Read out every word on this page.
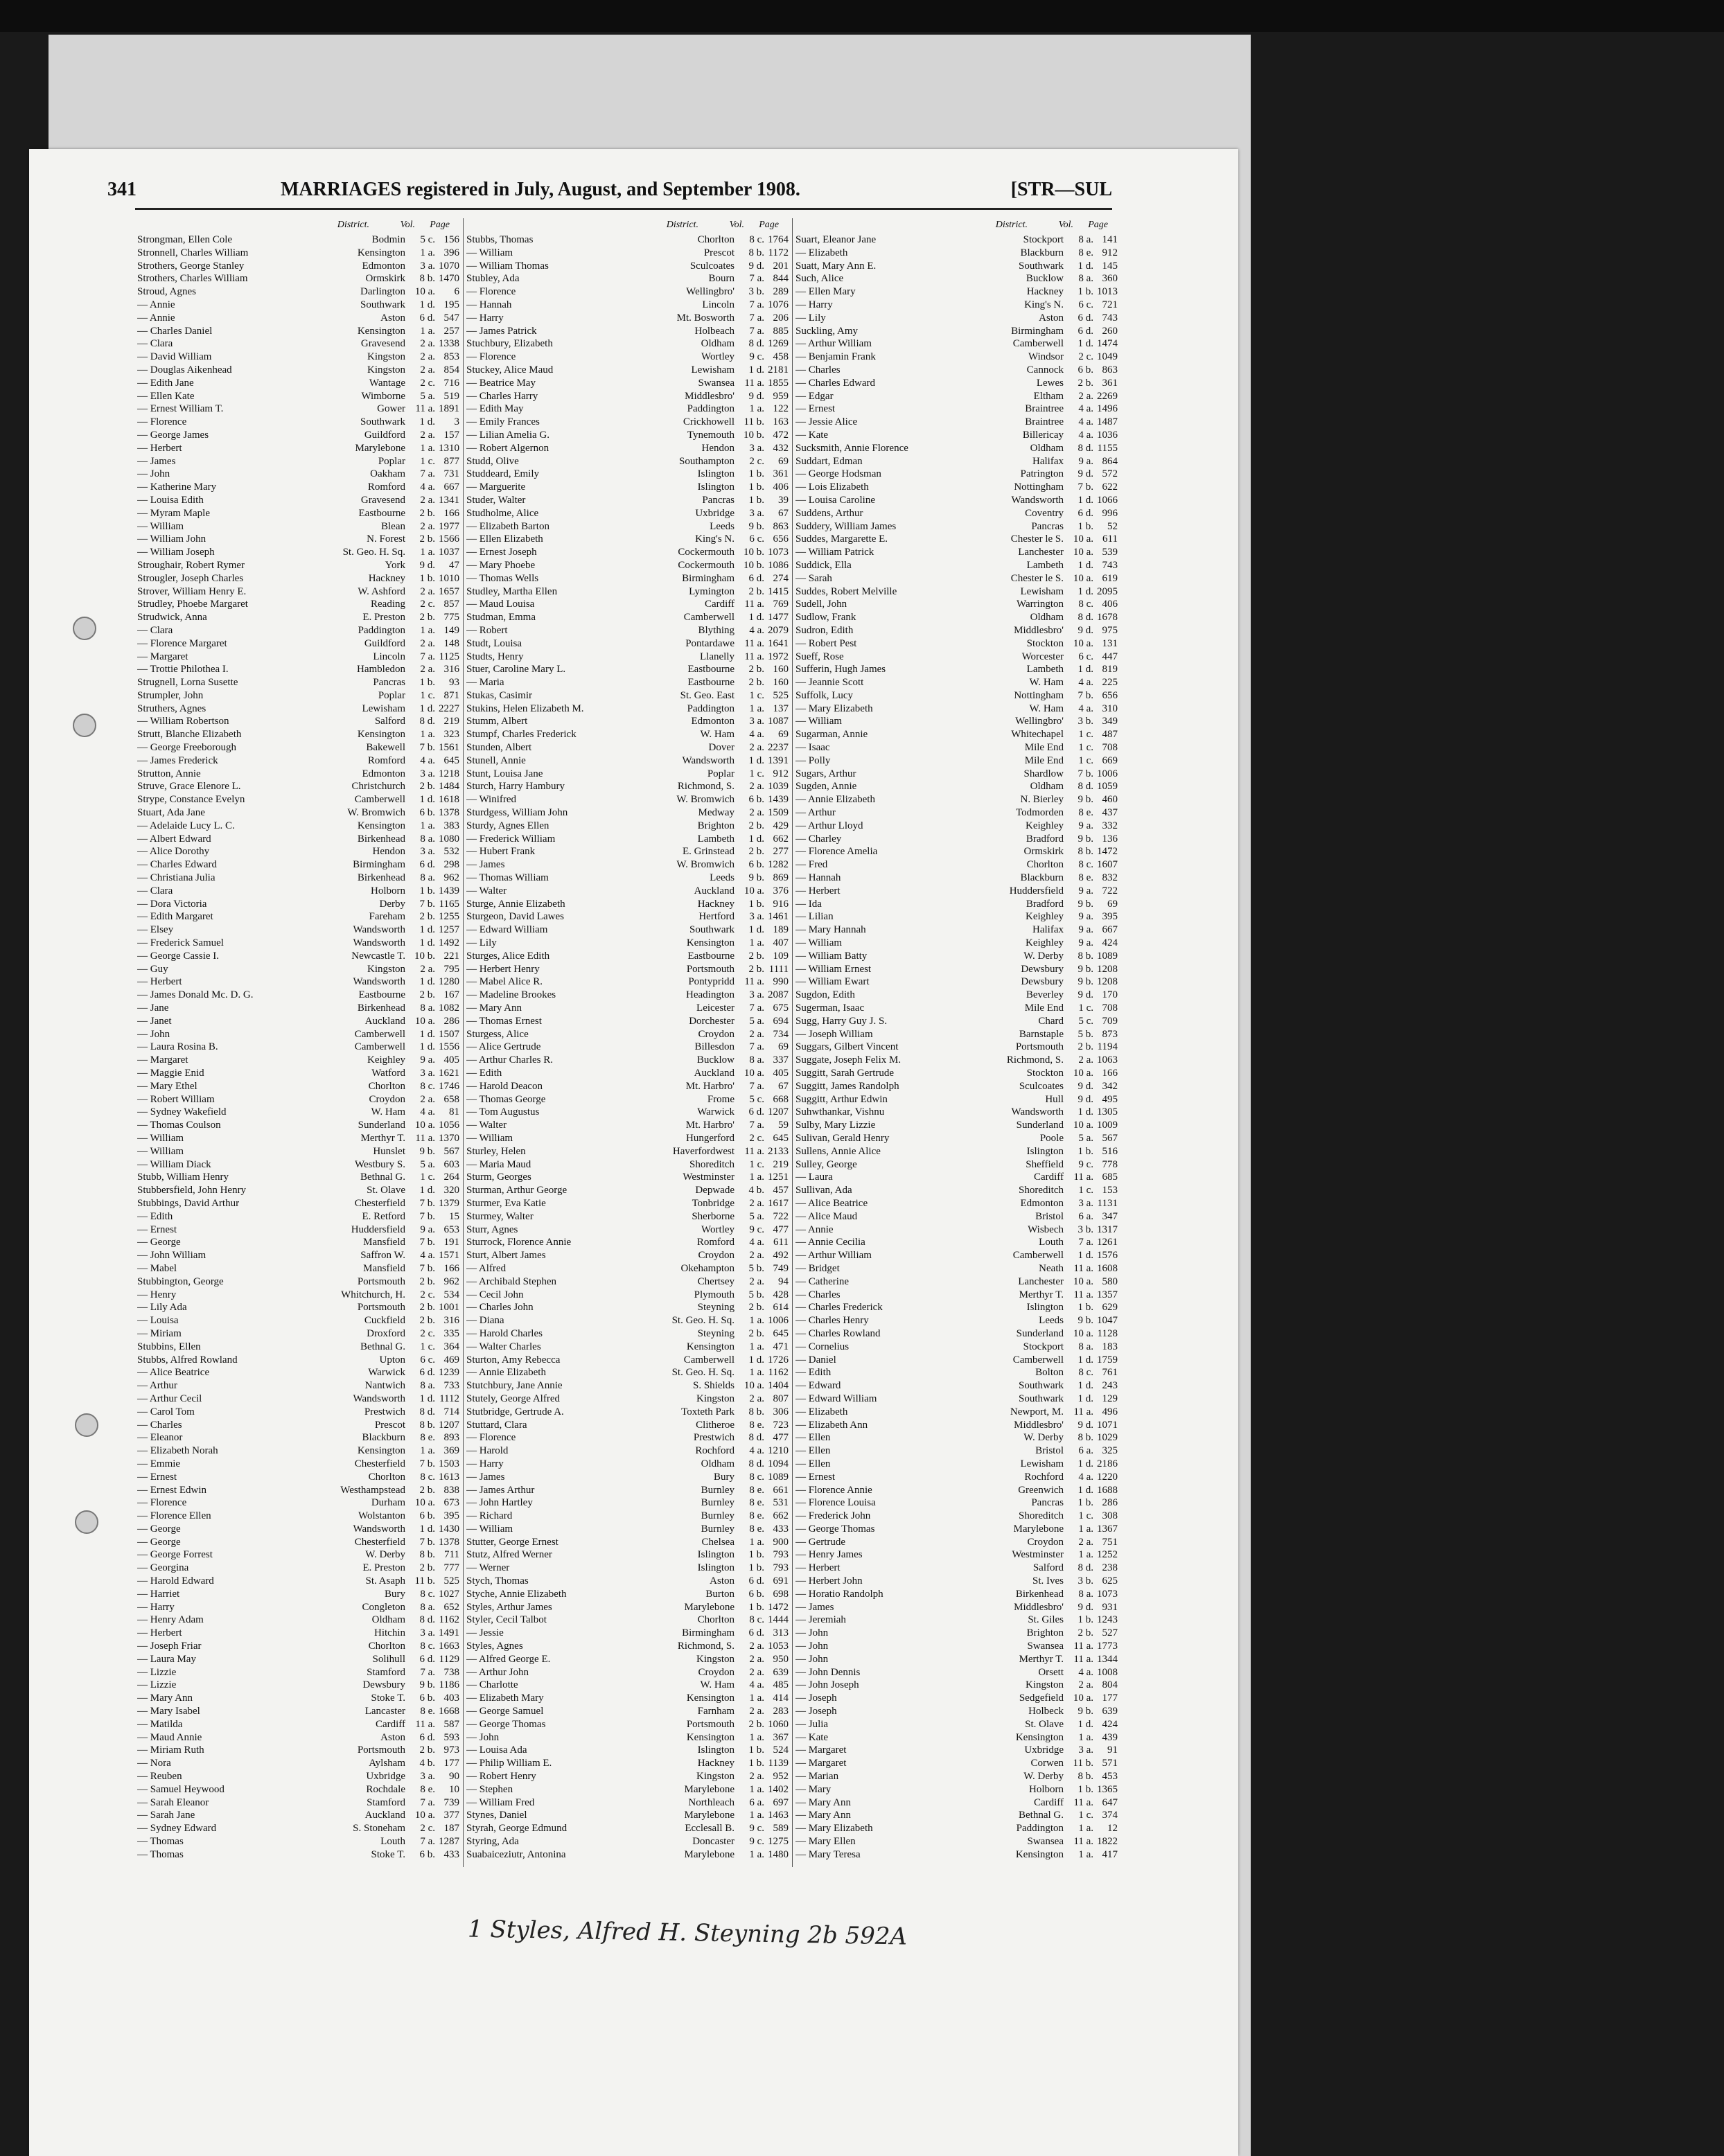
341	MARRIAGES registered in July, August, and September 1908.	[STR—SUL
District.	Vol. Page
Strongman, Ellen Cole	Bodmin	5 c. 156
Stronnell, Charles William	Kensington	1 a. 396
Strothers, George Stanley	Edmonton	3 a. 1070
Strothers, Charles William	Ormskirk	8 b. 1470
Stroud, Agnes	Darlington 10 a.	6
— Annie	Southwark	1 d. 195
— Annie	Aston	6 d. 547
— Charles Daniel	Kensington	1 a. 257
— Clara	Gravesend	2 a. 1338
— David William	Kingston	2 a. 853
— Douglas Aikenhead	Kingston	2 a. 854
— Edith Jane	Wantage	2 c. 716
— Ellen Kate	Wimborne	5 a. 519
— Ernest William T.	Gower 11 a. 1891
— Florence	Southwark	1 d.	3
— George James	Guildford	2 a. 157
— Herbert	Marylebone	1 a. 1310
— James	Poplar	1 c. 877
— John	Oakham	7 a. 731
— Katherine Mary	Romford	4 a. 667
— Louisa Edith	Gravesend	2 a. 1341
— Myram Maple	Eastbourne	2 b. 166
— William	Blean	2 a. 1977
— William John	N. Forest	2 b. 1566
— William Joseph	St. Geo. H. Sq.	1 a. 1037
Stroughair, Robert Rymer	York	9 d.	47
Strougler, Joseph Charles	Hackney	1 b. 1010
Strover, William Henry E.	W. Ashford	2 a. 1657
Strudley, Phoebe Margaret	Reading	2 c. 857
Strudwick, Anna	E. Preston	2 b. 775
— Clara	Paddington	1 a. 149
— Florence Margaret	Guildford	2 a. 148
— Margaret	Lincoln	7 a. 1125
— Trottie Philothea I.	Hambledon	2 a. 316
Strugnell, Lorna Susette	Pancras	1 b.	93
Strumpler, John	Poplar	1 c. 871
Struthers, Agnes	Lewisham	1 d. 2227
— William Robertson	Salford	8 d. 219
Strutt, Blanche Elizabeth	Kensington	1 a. 323
— George Freeborough	Bakewell	7 b. 1561
— James Frederick	Romford	4 a. 645
Strutton, Annie	Edmonton	3 a. 1218
Struve, Grace Elenore L.	Christchurch	2 b. 1484
Strype, Constance Evelyn	Camberwell	1 d. 1618
Stuart, Ada Jane	W. Bromwich	6 b. 1378
— Adelaide Lucy L. C.	Kensington	1 a. 383
— Albert Edward	Birkenhead	8 a. 1080
— Alice Dorothy	Hendon	3 a. 532
— Charles Edward	Birmingham	6 d. 298
— Christiana Julia	Birkenhead	8 a. 962
— Clara	Holborn	1 b. 1439
— Dora Victoria	Derby	7 b. 1165
— Edith Margaret	Fareham	2 b. 1255
— Elsey	Wandsworth	1 d. 1257
— Frederick Samuel	Wandsworth	1 d. 1492
— George Cassie I.	Newcastle T. 10 b. 221
— Guy	Kingston	2 a. 795
— Herbert	Wandsworth	1 d. 1280
— James Donald Mc. D. G.	Eastbourne	2 b. 167
— Jane	Birkenhead	8 a. 1082
— Janet	Auckland 10 a. 286
— John	Camberwell	1 d. 1507
— Laura Rosina B.	Camberwell	1 d. 1556
— Margaret	Keighley	9 a. 405
— Maggie Enid	Watford	3 a. 1621
— Mary Ethel	Chorlton	8 c. 1746
— Robert William	Croydon	2 a. 658
— Sydney Wakefield	W. Ham	4 a.	81
— Thomas Coulson	Sunderland 10 a. 1056
— William	Merthyr T. 11 a. 1370
— William	Hunslet	9 b. 567
— William Diack	Westbury S.	5 a. 603
Stubb, William Henry	Bethnal G.	1 c. 264
Stubbersfield, John Henry	St. Olave	1 d. 320
Stubbings, David Arthur	Chesterfield	7 b. 1379
— Edith	E. Retford	7 b.	15
— Ernest	Huddersfield	9 a. 653
— George	Mansfield	7 b. 191
— John William	Saffron W.	4 a. 1571
— Mabel	Mansfield	7 b. 166
Stubbington, George	Portsmouth	2 b. 962
— Henry	Whitchurch, H.	2 c. 534
— Lily Ada	Portsmouth	2 b. 1001
— Louisa	Cuckfield	2 b. 316
— Miriam	Droxford	2 c. 335
Stubbins, Ellen	Bethnal G.	1 c. 364
Stubbs, Alfred Rowland	Upton	6 c. 469
— Alice Beatrice	Warwick	6 d. 1239
— Arthur	Nantwich	8 a. 733
— Arthur Cecil	Wandsworth	1 d. 1112
— Carol Tom	Prestwich	8 d. 714
— Charles	Prescot	8 b. 1207
— Eleanor	Blackburn	8 e. 893
— Elizabeth Norah	Kensington	1 a. 369
— Emmie	Chesterfield	7 b. 1503
— Ernest	Chorlton	8 c. 1613
— Ernest Edwin	Westhampstead	2 b. 838
— Florence	Durham 10 a. 673
— Florence Ellen	Wolstanton	6 b. 395
— George	Wandsworth	1 d. 1430
— George	Chesterfield	7 b. 1378
— George Forrest	W. Derby	8 b. 711
— Georgina	E. Preston	2 b. 777
— Harold Edward	St. Asaph 11 b. 525
— Harriet	Bury	8 c. 1027
— Harry	Congleton	8 a. 652
— Henry Adam	Oldham	8 d. 1162
— Herbert	Hitchin	3 a. 1491
— Joseph Friar	Chorlton	8 c. 1663
— Laura May	Solihull	6 d. 1129
— Lizzie	Stamford	7 a. 738
— Lizzie	Dewsbury	9 b. 1186
— Mary Ann	Stoke T.	6 b. 403
— Mary Isabel	Lancaster	8 e. 1668
— Matilda	Cardiff 11 a. 587
— Maud Annie	Aston	6 d. 593
— Miriam Ruth	Portsmouth	2 b. 973
— Nora	Aylsham	4 b. 177
— Reuben	Uxbridge	3 a.	90
— Samuel Heywood	Rochdale	8 e.	10
— Sarah Eleanor	Stamford	7 a. 739
— Sarah Jane	Auckland 10 a. 377
— Sydney Edward	S. Stoneham	2 c. 187
— Thomas	Louth	7 a. 1287
— Thomas	Stoke T.	6 b. 433
District.	Vol. Page
Stubbs, Thomas	Chorlton	8 c. 1764
— William	Prescot	8 b. 1172
— William Thomas	Sculcoates	9 d. 201
Stubley, Ada	Bourn	7 a. 844
— Florence	Wellingbro'	3 b. 289
— Hannah	Lincoln	7 a. 1076
— Harry	Mt. Bosworth	7 a. 206
— James Patrick	Holbeach	7 a. 885
Stuchbury, Elizabeth	Oldham	8 d. 1269
— Florence	Wortley	9 c. 458
Stuckey, Alice Maud	Lewisham	1 d. 2181
— Beatrice May	Swansea 11 a. 1855
— Charles Harry	Middlesbro'	9 d. 959
— Edith May	Paddington	1 a. 122
— Emily Frances	Crickhowell 11 b. 163
— Lilian Amelia G.	Tynemouth 10 b. 472
— Robert Algernon	Hendon	3 a. 432
Studd, Olive	Southampton	2 c.	69
Studdeard, Emily	Islington	1 b. 361
— Marguerite	Islington	1 b. 406
Studer, Walter	Pancras	1 b.	39
Studholme, Alice	Uxbridge	3 a.	67
— Elizabeth Barton	Leeds	9 b. 863
— Ellen Elizabeth	King's N.	6 c. 656
— Ernest Joseph	Cockermouth 10 b. 1073
— Mary Phoebe	Cockermouth 10 b. 1086
— Thomas Wells	Birmingham	6 d. 274
Studley, Martha Ellen	Lymington	2 b. 1415
— Maud Louisa	Cardiff 11 a. 769
Studman, Emma	Camberwell	1 d. 1477
— Robert	Blything	4 a. 2079
Studt, Louisa	Pontardawe 11 a. 1641
Studts, Henry	Llanelly 11 a. 1972
Stuer, Caroline Mary L.	Eastbourne	2 b. 160
— Maria	Eastbourne	2 b. 160
Stukas, Casimir	St. Geo. East	1 c. 525
Stukins, Helen Elizabeth M.	Paddington	1 a. 137
Stumm, Albert	Edmonton	3 a. 1087
Stumpf, Charles Frederick	W. Ham	4 a.	69
Stunden, Albert	Dover	2 a. 2237
Stunell, Annie	Wandsworth	1 d. 1391
Stunt, Louisa Jane	Poplar	1 c. 912
Sturch, Harry Hambury	Richmond, S.	2 a. 1039
— Winifred	W. Bromwich	6 b. 1439
Sturdgess, William John	Medway	2 a. 1509
Sturdy, Agnes Ellen	Brighton	2 b. 429
— Frederick William	Lambeth	1 d. 662
— Hubert Frank	E. Grinstead	2 b. 277
— James	W. Bromwich	6 b. 1282
— Thomas William	Leeds	9 b. 869
— Walter	Auckland 10 a. 376
Sturge, Annie Elizabeth	Hackney	1 b. 916
Sturgeon, David Lawes	Hertford	3 a. 1461
— Edward William	Southwark	1 d. 189
— Lily	Kensington	1 a. 407
Sturges, Alice Edith	Eastbourne	2 b. 109
— Herbert Henry	Portsmouth	2 b. 1111
— Mabel Alice R.	Pontypridd 11 a. 990
— Madeline Brookes	Headington	3 a. 2087
— Mary Ann	Leicester	7 a. 675
— Thomas Ernest	Dorchester	5 a. 694
Sturgess, Alice	Croydon	2 a. 734
— Alice Gertrude	Billesdon	7 a.	69
— Arthur Charles R.	Bucklow	8 a. 337
— Edith	Auckland 10 a. 405
— Harold Deacon	Mt. Harbro'	7 a.	67
— Thomas George	Frome	5 c. 668
— Tom Augustus	Warwick	6 d. 1207
— Walter	Mt. Harbro'	7 a.	59
— William	Hungerford	2 c. 645
Sturley, Helen	Haverfordwest 11 a. 2133
— Maria Maud	Shoreditch	1 c. 219
Sturm, Georges	Westminster	1 a. 1251
Sturman, Arthur George	Depwade	4 b. 457
Sturmer, Eva Katie	Tonbridge	2 a. 1617
Sturmey, Walter	Sherborne	5 a. 722
Sturr, Agnes	Wortley	9 c. 477
Sturrock, Florence Annie	Romford	4 a. 611
Sturt, Albert James	Croydon	2 a. 492
— Alfred	Okehampton	5 b. 749
— Archibald Stephen	Chertsey	2 a.	94
— Cecil John	Plymouth	5 b. 428
— Charles John	Steyning	2 b. 614
— Diana	St. Geo. H. Sq.	1 a. 1006
— Harold Charles	Steyning	2 b. 645
— Walter Charles	Kensington	1 a. 471
Sturton, Amy Rebecca	Camberwell	1 d. 1726
— Annie Elizabeth	St. Geo. H. Sq.	1 a. 1162
Stutchbury, Jane Annie	S. Shields 10 a. 1404
Stutely, George Alfred	Kingston	2 a. 807
Stutbridge, Gertrude A.	Toxteth Park	8 b. 306
Stuttard, Clara	Clitheroe	8 e. 723
— Florence	Prestwich	8 d. 477
— Harold	Rochford	4 a. 1210
— Harry	Oldham	8 d. 1094
— James	Bury	8 c. 1089
— James Arthur	Burnley	8 e. 661
— John Hartley	Burnley	8 e. 531
— Richard	Burnley	8 e. 662
— William	Burnley	8 e. 433
Stutter, George Ernest	Chelsea	1 a. 900
Stutz, Alfred Werner	Islington	1 b. 793
— Werner	Islington	1 b. 793
Stych, Thomas	Aston	6 d. 691
Styche, Annie Elizabeth	Burton	6 b. 698
Styles, Arthur James	Marylebone	1 b. 1472
Styler, Cecil Talbot	Chorlton	8 c. 1444
— Jessie	Birmingham	6 d. 313
Styles, Agnes	Richmond, S.	2 a. 1053
— Alfred George E.	Kingston	2 a. 950
— Arthur John	Croydon	2 a. 639
— Charlotte	W. Ham	4 a. 485
— Elizabeth Mary	Kensington	1 a. 414
— George Samuel	Farnham	2 a. 283
— George Thomas	Portsmouth	2 b. 1060
— John	Kensington	1 a. 367
— Louisa Ada	Islington	1 b. 524
— Philip William E.	Hackney	1 b. 1139
— Robert Henry	Kingston	2 a. 952
— Stephen	Marylebone	1 a. 1402
— William Fred	Northleach	6 a. 697
Stynes, Daniel	Marylebone	1 a. 1463
Styrah, George Edmund	Ecclesall B.	9 c. 589
Styring, Ada	Doncaster	9 c. 1275
Suabaiceziutr, Antonina	Marylebone	1 a. 1480
District.	Vol. Page
Suart, Eleanor Jane	Stockport	8 a. 141
— Elizabeth	Blackburn	8 e. 912
Suatt, Mary Ann E.	Southwark	1 d. 145
Such, Alice	Bucklow	8 a. 360
— Ellen Mary	Hackney	1 b. 1013
— Harry	King's N.	6 c. 721
— Lily	Aston	6 d. 743
Suckling, Amy	Birmingham	6 d. 260
— Arthur William	Camberwell	1 d. 1474
— Benjamin Frank	Windsor	2 c. 1049
— Charles	Cannock	6 b. 863
— Charles Edward	Lewes	2 b. 361
— Edgar	Eltham	2 a. 2269
— Ernest	Braintree	4 a. 1496
— Jessie Alice	Braintree	4 a. 1487
— Kate	Billericay	4 a. 1036
Sucksmith, Annie Florence	Oldham	8 d. 1155
Suddart, Edman	Halifax	9 a. 864
— George Hodsman	Patrington	9 d. 572
— Lois Elizabeth	Nottingham	7 b. 622
— Louisa Caroline	Wandsworth	1 d. 1066
Suddens, Arthur	Coventry	6 d. 996
Suddery, William James	Pancras	1 b.	52
Suddes, Margarette E.	Chester le S. 10 a. 611
— William Patrick	Lanchester 10 a. 539
Suddick, Ella	Lambeth	1 d. 743
— Sarah	Chester le S. 10 a. 619
Suddes, Robert Melville	Lewisham	1 d. 2095
Sudell, John	Warrington	8 c. 406
Sudlow, Frank	Oldham	8 d. 1678
Sudron, Edith	Middlesbro'	9 d. 975
— Robert Pest	Stockton 10 a. 131
Sueff, Rose	Worcester	6 c. 447
Sufferin, Hugh James	Lambeth	1 d. 819
— Jeannie Scott	W. Ham	4 a. 225
Suffolk, Lucy	Nottingham	7 b. 656
— Mary Elizabeth	W. Ham	4 a. 310
— William	Wellingbro'	3 b. 349
Sugarman, Annie	Whitechapel	1 c. 487
— Isaac	Mile End	1 c. 708
— Polly	Mile End	1 c. 669
Sugars, Arthur	Shardlow	7 b. 1006
Sugden, Annie	Oldham	8 d. 1059
— Annie Elizabeth	N. Bierley	9 b. 460
— Arthur	Todmorden	8 e. 437
— Arthur Lloyd	Keighley	9 a. 332
— Charley	Bradford	9 b. 136
— Florence Amelia	Ormskirk	8 b. 1472
— Fred	Chorlton	8 c. 1607
— Hannah	Blackburn	8 e. 832
— Herbert	Huddersfield	9 a. 722
— Ida	Bradford	9 b.	69
— Lilian	Keighley	9 a. 395
— Mary Hannah	Halifax	9 a. 667
— William	Keighley	9 a. 424
— William Batty	W. Derby	8 b. 1089
— William Ernest	Dewsbury	9 b. 1208
— William Ewart	Dewsbury	9 b. 1208
Sugdon, Edith	Beverley	9 d. 170
Sugerman, Isaac	Mile End	1 c. 708
Sugg, Harry Guy J. S.	Chard	5 c. 709
— Joseph William	Barnstaple	5 b. 873
Suggars, Gilbert Vincent	Portsmouth	2 b. 1194
Suggate, Joseph Felix M.	Richmond, S.	2 a. 1063
Suggitt, Sarah Gertrude	Stockton 10 a. 166
Suggitt, James Randolph	Sculcoates	9 d. 342
Suggitt, Arthur Edwin	Hull	9 d. 495
Suhwthankar, Vishnu	Wandsworth	1 d. 1305
Sulby, Mary Lizzie	Sunderland 10 a. 1009
Sulivan, Gerald Henry	Poole	5 a. 567
Sullens, Annie Alice	Islington	1 b. 516
Sulley, George	Sheffield	9 c. 778
— Laura	Cardiff 11 a. 685
Sullivan, Ada	Shoreditch	1 c. 153
— Alice Beatrice	Edmonton	3 a. 1131
— Alice Maud	Bristol	6 a. 347
— Annie	Wisbech	3 b. 1317
— Annie Cecilia	Louth	7 a. 1261
— Arthur William	Camberwell	1 d. 1576
— Bridget	Neath 11 a. 1608
— Catherine	Lanchester 10 a. 580
— Charles	Merthyr T. 11 a. 1357
— Charles Frederick	Islington	1 b. 629
— Charles Henry	Leeds	9 b. 1047
— Charles Rowland	Sunderland 10 a. 1128
— Cornelius	Stockport	8 a. 183
— Daniel	Camberwell	1 d. 1759
— Edith	Bolton	8 c. 761
— Edward	Southwark	1 d. 243
— Edward William	Southwark	1 d. 129
— Elizabeth	Newport, M. 11 a. 496
— Elizabeth Ann	Middlesbro'	9 d. 1071
— Ellen	W. Derby	8 b. 1029
— Ellen	Bristol	6 a. 325
— Ellen	Lewisham	1 d. 2186
— Ernest	Rochford	4 a. 1220
— Florence Annie	Greenwich	1 d. 1688
— Florence Louisa	Pancras	1 b. 286
— Frederick John	Shoreditch	1 c. 308
— George Thomas	Marylebone	1 a. 1367
— Gertrude	Croydon	2 a. 751
— Henry James	Westminster	1 a. 1252
— Herbert	Salford	8 d. 238
— Herbert John	St. Ives	3 b. 625
— Horatio Randolph	Birkenhead	8 a. 1073
— James	Middlesbro'	9 d. 931
— Jeremiah	St. Giles	1 b. 1243
— John	Brighton	2 b. 527
— John	Swansea 11 a. 1773
— John	Merthyr T. 11 a. 1344
— John Dennis	Orsett	4 a. 1008
— John Joseph	Kingston	2 a. 804
— Joseph	Sedgefield 10 a. 177
— Joseph	Holbeck	9 b. 639
— Julia	St. Olave	1 d. 424
— Kate	Kensington	1 a. 439
— Margaret	Uxbridge	3 a.	91
— Margaret	Corwen 11 b. 571
— Marian	W. Derby	8 b. 453
— Mary	Holborn	1 b. 1365
— Mary Ann	Cardiff 11 a. 647
— Mary Ann	Bethnal G.	1 c. 374
— Mary Elizabeth	Paddington	1 a.	12
— Mary Ellen	Swansea 11 a. 1822
— Mary Teresa	Kensington	1 a. 417
1 Styles, Alfred H. Steyning 2b 592A
